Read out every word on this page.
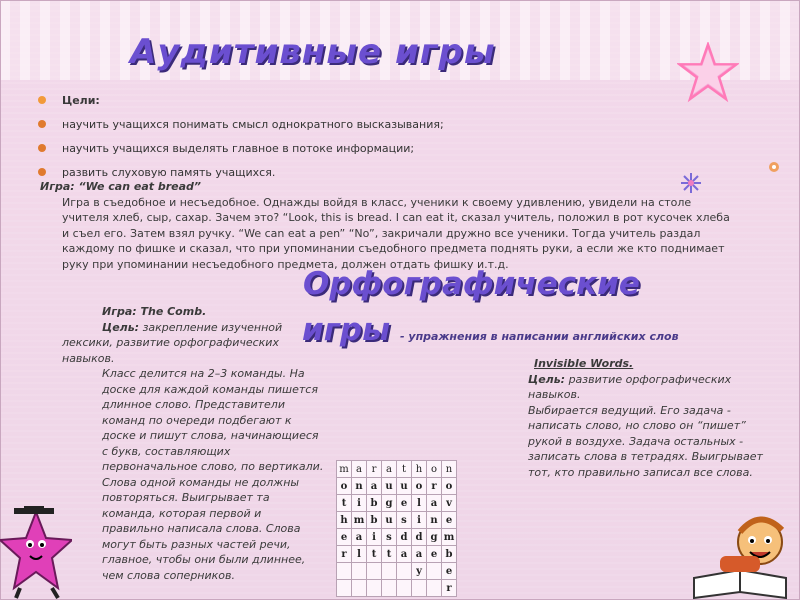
Аудитивные игры
Цели:
научить учащихся понимать смысл однократного высказывания;
научить учащихся выделять главное в потоке информации;
развить слуховую память учащихся.
Игра: “We can eat bread”
Игра в съедобное и несъедобное. Однажды войдя в класс, ученики к своему удивлению, увидели на столе учителя хлеб, сыр, сахар. Зачем это? “Look, this is bread. I can eat it, сказал учитель, положил в рот кусочек хлеба и съел его. Затем взял ручку. “We can eat a pen” “No”, закричали дружно все ученики. Тогда учитель раздал каждому по фишке и сказал, что при упоминании съедобного предмета поднять руки, а если же кто поднимает руку при упоминании несъедобного предмета, должен отдать фишку и.т.д.
Игра: The Comb.
Цель: закрепление изученной лексики, развитие орфографических навыков.
Класс делится на 2–3 команды. На доске для каждой команды пишется длинное слово. Представители команд по очереди подбегают к доске и пишут слова, начинающиеся с букв, составляющих первоначальное слово, по вертикали. Слова одной команды не должны повторяться. Выигрывает та команда, которая первой и правильно написала слова. Слова могут быть разных частей речи, главное, чтобы они были длиннее, чем слова соперников.
Орфографические
игры - упражнения в написании английских слов
Invisible Words.
Цель: развитие орфографических навыков.
Выбирается ведущий. Его задача - написать слово, но слово он “пишет” рукой в воздухе. Задача остальных - записать слова в тетрадях. Выигрывает тот, кто правильно записал все слова.
m	a	r	a	t	h	o	n
o	n	a	u	u	o	r	o
t	i	b	g	e	l	a	v
h	m	b	u	s	i	n	e
e	a	i	s	d	d	g	m
r	l	t	t	a	a	e	b
					y		e
							r
